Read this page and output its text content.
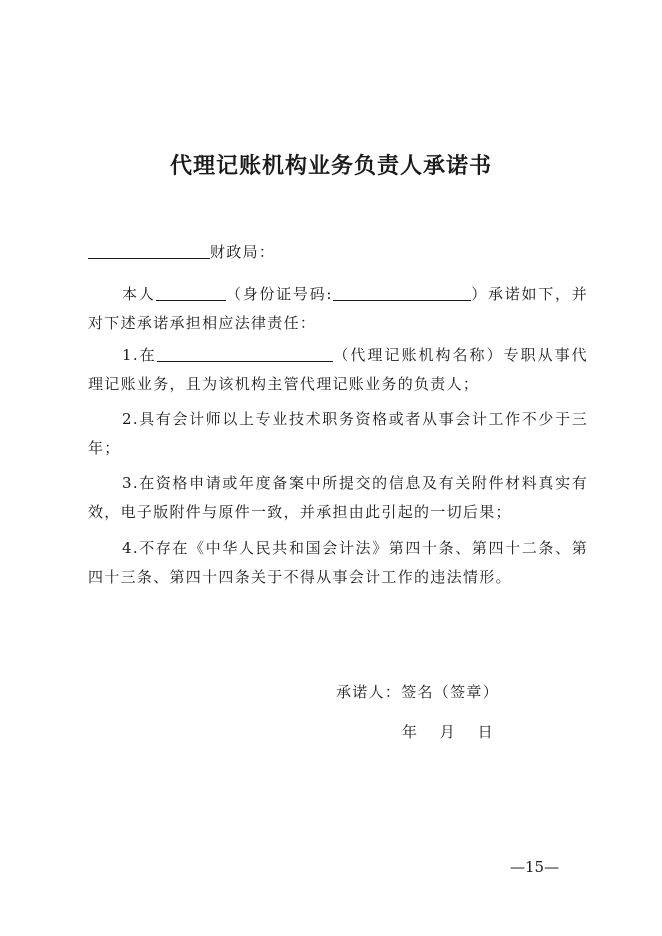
代理记账机构业务负责人承诺书
财政局：
本人	（身份证号码:	）承诺如下，并对下述承诺承担相应法律责任：
1.在	（代理记账机构名称）专职从事代理记账业务，且为该机构主管代理记账业务的负责人；
2.具有会计师以上专业技术职务资格或者从事会计工作不少于三年；
3.在资格申请或年度备案中所提交的信息及有关附件材料真实有效，电子版附件与原件一致，并承担由此引起的一切后果；
4.不存在《中华人民共和国会计法》第四十条、第四十二条、第四十三条、第四十四条关于不得从事会计工作的违法情形。
承诺人：签名（签章）
年 月 日
—15—
